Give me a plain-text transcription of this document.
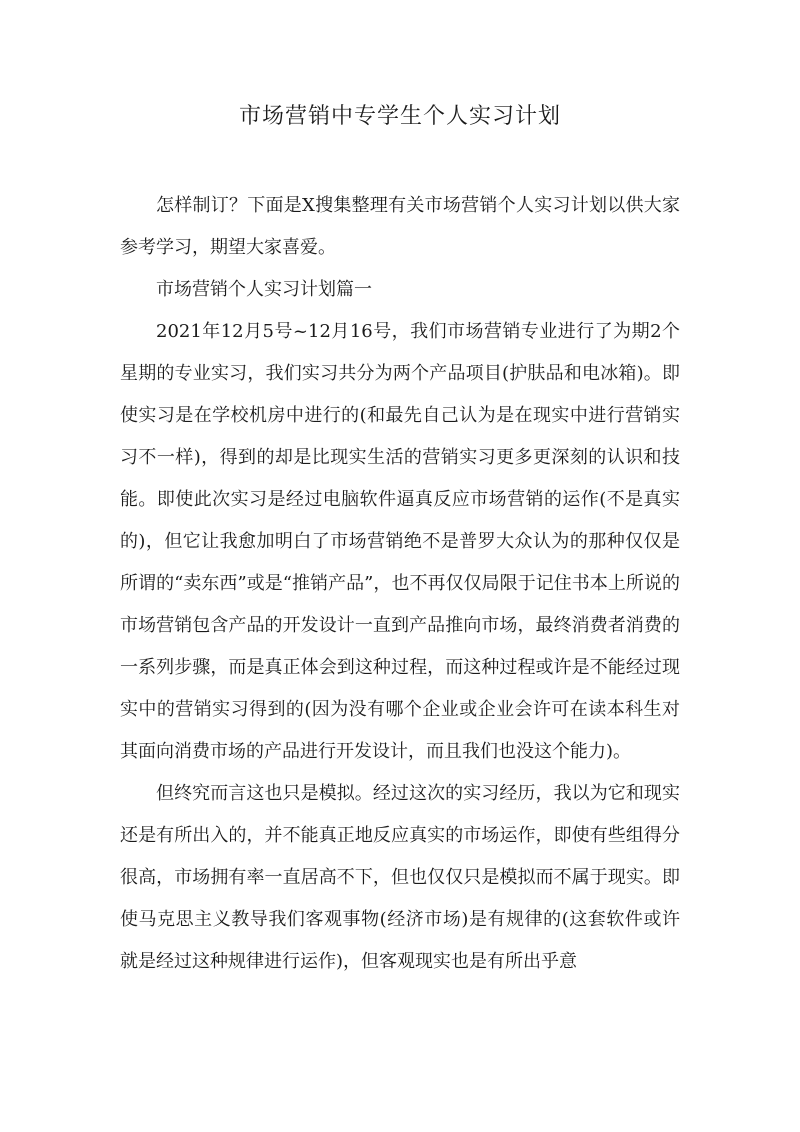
市场营销中专学生个人实习计划

怎样制订？下面是X搜集整理有关市场营销个人实习计划以供大家参考学习，期望大家喜爱。

市场营销个人实习计划篇一

2021年12月5号~12月16号，我们市场营销专业进行了为期2个星期的专业实习，我们实习共分为两个产品项目(护肤品和电冰箱)。即使实习是在学校机房中进行的(和最先自己认为是在现实中进行营销实习不一样)，得到的却是比现实生活的营销实习更多更深刻的认识和技能。即使此次实习是经过电脑软件逼真反应市场营销的运作(不是真实的)，但它让我愈加明白了市场营销绝不是普罗大众认为的那种仅仅是所谓的“卖东西”或是“推销产品”，也不再仅仅局限于记住书本上所说的市场营销包含产品的开发设计一直到产品推向市场，最终消费者消费的一系列步骤，而是真正体会到这种过程，而这种过程或许是不能经过现实中的营销实习得到的(因为没有哪个企业或企业会许可在读本科生对其面向消费市场的产品进行开发设计，而且我们也没这个能力)。

但终究而言这也只是模拟。经过这次的实习经历，我以为它和现实还是有所出入的，并不能真正地反应真实的市场运作，即使有些组得分很高，市场拥有率一直居高不下，但也仅仅只是模拟而不属于现实。即使马克思主义教导我们客观事物(经济市场)是有规律的(这套软件或许就是经过这种规律进行运作)，但客观现实也是有所出乎意
